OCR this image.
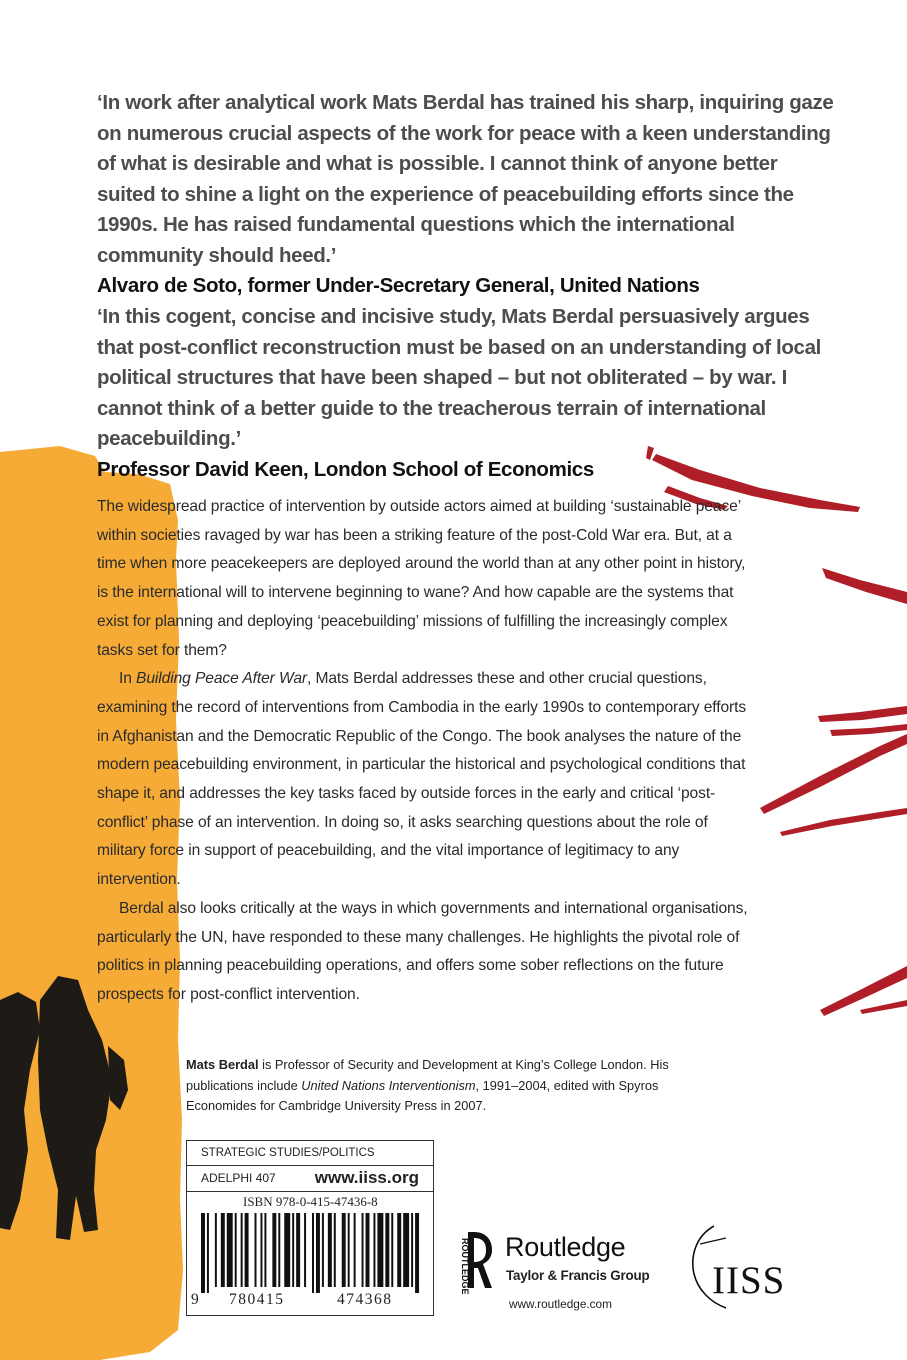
‘In work after analytical work Mats Berdal has trained his sharp, inquiring gaze on numerous crucial aspects of the work for peace with a keen understanding of what is desirable and what is possible. I cannot think of anyone better suited to shine a light on the experience of peacebuilding efforts since the 1990s. He has raised fundamental questions which the international community should heed.’
Alvaro de Soto, former Under-Secretary General, United Nations
‘In this cogent, concise and incisive study, Mats Berdal persuasively argues that post-conflict reconstruction must be based on an understanding of local political structures that have been shaped – but not obliterated – by war. I cannot think of a better guide to the treacherous terrain of international peacebuilding.’
Professor David Keen, London School of Economics

The widespread practice of intervention by outside actors aimed at building ‘sustainable peace’ within societies ravaged by war has been a striking feature of the post-Cold War era. But, at a time when more peacekeepers are deployed around the world than at any other point in history, is the international will to intervene beginning to wane? And how capable are the systems that exist for planning and deploying ‘peacebuilding’ missions of fulfilling the increasingly complex tasks set for them?

In Building Peace After War, Mats Berdal addresses these and other crucial questions, examining the record of interventions from Cambodia in the early 1990s to contemporary efforts in Afghanistan and the Democratic Republic of the Congo. The book analyses the nature of the modern peacebuilding environment, in particular the historical and psychological conditions that shape it, and addresses the key tasks faced by outside forces in the early and critical ‘post-conflict’ phase of an intervention. In doing so, it asks searching questions about the role of military force in support of peacebuilding, and the vital importance of legitimacy to any intervention.

Berdal also looks critically at the ways in which governments and international organisations, particularly the UN, have responded to these many challenges. He highlights the pivotal role of politics in planning peacebuilding operations, and offers some sober reflections on the future prospects for post-conflict intervention.

Mats Berdal is Professor of Security and Development at King’s College London. His publications include United Nations Interventionism, 1991–2004, edited with Spyros Economides for Cambridge University Press in 2007.

STRATEGIC STUDIES/POLITICS
ADELPHI 407 www.iiss.org
ISBN 978-0-415-47436-8
9 780415	474368
ROUTLEDGE Routledge
Taylor & Francis Group
www.routledge.com
IISS
